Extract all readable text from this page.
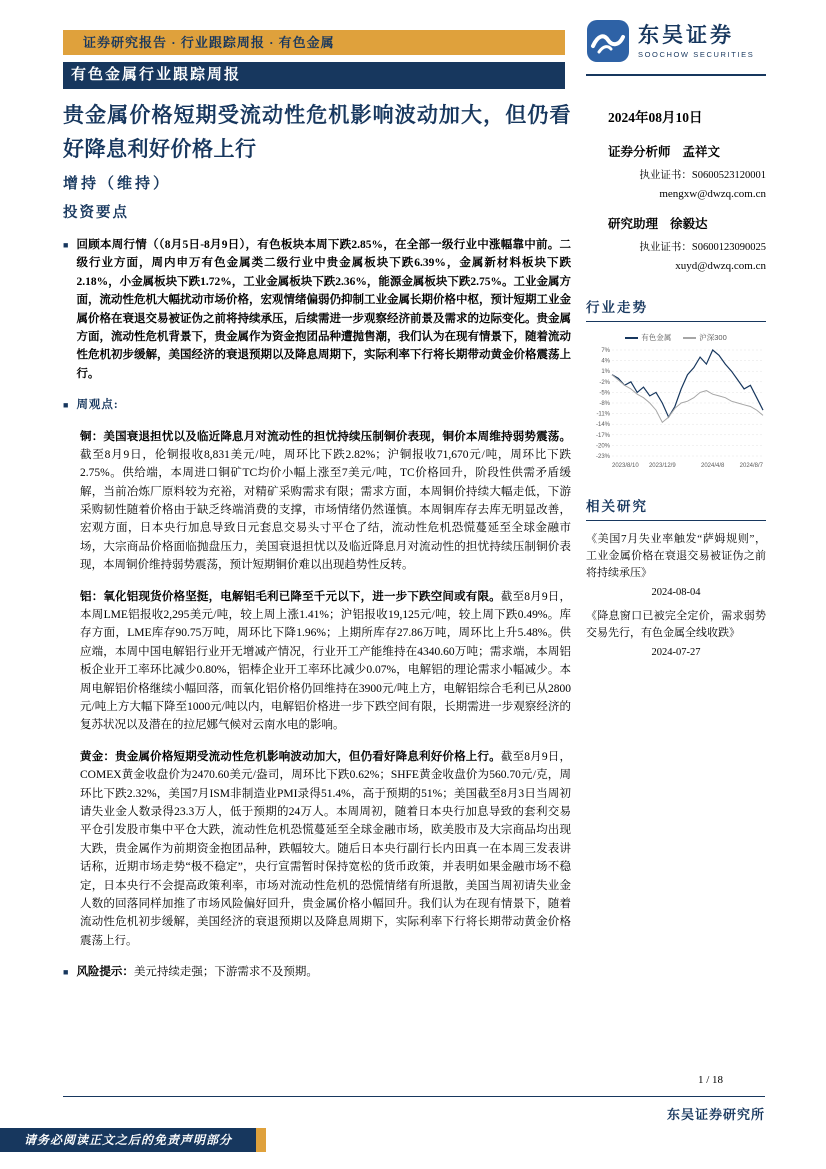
证券研究报告 · 行业跟踪周报 · 有色金属	东吴证券
SOOCHOW SECURITIES
有色金属行业跟踪周报
贵金属价格短期受流动性危机影响波动加大，但仍看好降息利好价格上行
增持（维持）
投资要点
■ 回顾本周行情（（8月5日-8月9日），有色板块本周下跌2.85%，在全部一级行业中涨幅靠中前。二级行业方面，周内申万有色金属类二级行业中贵金属板块下跌6.39%，金属新材料板块下跌2.18%，小金属板块下跌1.72%，工业金属板块下跌2.36%，能源金属板块下跌2.75%。工业金属方面，流动性危机大幅扰动市场价格，宏观情绪偏弱仍抑制工业金属长期价格中枢，预计短期工业金属价格在衰退交易被证伪之前将持续承压，后续需进一步观察经济前景及需求的边际变化。贵金属方面，流动性危机背景下，贵金属作为资金抱团品种遭抛售潮，我们认为在现有情景下，随着流动性危机初步缓解，美国经济的衰退预期以及降息周期下，实际利率下行将长期带动黄金价格震荡上行。

■ 周观点:

铜：美国衰退担忧以及临近降息月对流动性的担忧持续压制铜价表现，铜价本周维持弱势震荡。截至8月9日，伦铜报收8,831美元/吨，周环比下跌2.82%；沪铜报收71,670元/吨，周环比下跌2.75%。供给端，本周进口铜矿TC均价小幅上涨至7美元/吨，TC价格回升，阶段性供需矛盾缓解，当前冶炼厂原料较为充裕，对精矿采购需求有限；需求方面，本周铜价持续大幅走低，下游采购韧性随着价格由于缺乏终端消费的支撑，市场情绪仍然谨慎。本周铜库存去库无明显改善，宏观方面，日本央行加息导致日元套息交易头寸平仓了结，流动性危机恐慌蔓延至全球金融市场，大宗商品价格面临抛盘压力，美国衰退担忧以及临近降息月对流动性的担忧持续压制铜价表现，本周铜价维持弱势震荡，预计短期铜价难以出现趋势性反转。

铝：氧化铝现货价格坚挺，电解铝毛利已降至千元以下，进一步下跌空间或有限。截至8月9日，本周LME铝报收2,295美元/吨，较上周上涨1.41%；沪铝报收19,125元/吨，较上周下跌0.49%。库存方面，LME库存90.75万吨，周环比下降1.96%；上期所库存27.86万吨，周环比上升5.48%。供应端，本周中国电解铝行业开无增减产情况，行业开工产能维持在4340.60万吨；需求端，本周铝板企业开工率环比减少0.80%，铝棒企业开工率环比减少0.07%，电解铝的理论需求小幅减少。本周电解铝价格继续小幅回落，而氧化铝价格仍回维持在3900元/吨上方，电解铝综合毛利已从2800元/吨上方大幅下降至1000元/吨以内，电解铝价格进一步下跌空间有限，长期需进一步观察经济的复苏状况以及潜在的拉尼娜气候对云南水电的影响。

黄金：贵金属价格短期受流动性危机影响波动加大，但仍看好降息利好价格上行。截至8月9日，COMEX黄金收盘价为2470.60美元/盎司，周环比下跌0.62%；SHFE黄金收盘价为560.70元/克，周环比下跌2.32%，美国7月ISM非制造业PMI录得51.4%，高于预期的51%；美国截至8月3日当周初请失业金人数录得23.3万人，低于预期的24万人。本周周初，随着日本央行加息导致的套利交易平仓引发股市集中平仓大跌，流动性危机恐慌蔓延至全球金融市场，欧美股市及大宗商品均出现大跌，贵金属作为前期资金抱团品种，跌幅较大。随后日本央行副行长内田真一在本周三发表讲话称，近期市场走势“极不稳定”，央行宣需暂时保持宽松的货币政策，并表明如果金融市场不稳定，日本央行不会提高政策利率，市场对流动性危机的恐慌情绪有所退散，美国当周初请失业金人数的回落同样加推了市场风险偏好回升，贵金属价格小幅回升。我们认为在现有情景下，随着流动性危机初步缓解，美国经济的衰退预期以及降息周期下，实际利率下行将长期带动黄金价格震荡上行。

■ 风险提示：美元持续走强；下游需求不及预期。

2024年08月10日
证券分析师 孟祥文
执业证书：S0600523120001
mengxw@dwzq.com.cn
研究助理 徐毅达
执业证书：S0600123090025
xuyd@dwzq.com.cn
行业走势
有色金属	沪深300
7%
4%
1%
-2%
-5%
-8%
-11%
-14%
-17%
-20%
-23%
2023/8/10 2023/12/9	2024/4/8	2024/8/7
相关研究
《美国7月失业率触发“萨姆规则”，工业金属价格在衰退交易被证伪之前将持续承压》
2024-08-04
《降息窗口已被完全定价，需求弱势交易先行，有色金属全线收跌》
2024-07-27
1 / 18
东吴证券研究所
请务必阅读正文之后的免责声明部分
